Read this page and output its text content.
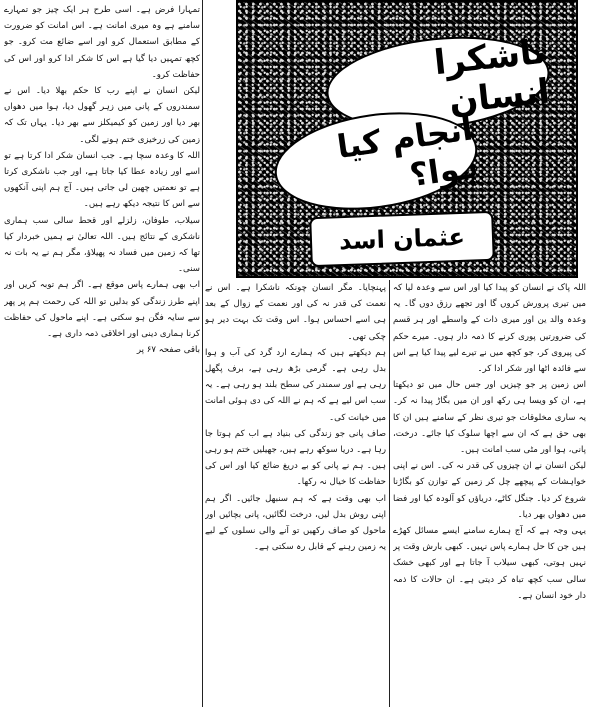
ناشکرا انسان
انجام کیا ہوا؟
عثمان اسد

اللہ پاک نے انسان کو پیدا کیا اور اس سے وعدہ لیا کہ میں تیری پرورش کروں گا اور تجھے رزق دوں گا۔ یہ وعدہ والد ین اور میری ذات کے واسطے اور ہر قسم کی ضرورتیں پوری کرنے کا ذمہ دار ہوں۔ میرے حکم کی پیروی کر، جو کچھ میں نے تیرے لیے پیدا کیا ہے اس سے فائدہ اٹھا اور شکر ادا کر۔

اس زمین پر جو چیزیں اور جس حال میں تو دیکھتا ہے، ان کو ویسا ہی رکھ اور ان میں بگاڑ پیدا نہ کر۔ یہ ساری مخلوقات جو تیری نظر کے سامنے ہیں ان کا بھی حق ہے کہ ان سے اچھا سلوک کیا جائے۔ درخت، پانی، ہوا اور مٹی سب امانت ہیں۔

لیکن انسان نے ان چیزوں کی قدر نہ کی۔ اس نے اپنی خواہشات کے پیچھے چل کر زمین کے توازن کو بگاڑنا شروع کر دیا۔ جنگل کاٹے، دریاؤں کو آلودہ کیا اور فضا میں دھواں بھر دیا۔

یہی وجہ ہے کہ آج ہمارے سامنے ایسے مسائل کھڑے ہیں جن کا حل ہمارے پاس نہیں۔ کبھی بارش وقت پر نہیں ہوتی، کبھی سیلاب آ جاتا ہے اور کبھی خشک سالی سب کچھ تباہ کر دیتی ہے۔ ان حالات کا ذمہ دار خود انسان ہے۔

پہنچایا۔ مگر انسان چونکہ ناشکرا ہے۔ اس نے نعمت کی قدر نہ کی اور نعمت کے زوال کے بعد ہی اسے احساس ہوا۔ اس وقت تک بہت دیر ہو چکی تھی۔

ہم دیکھتے ہیں کہ ہمارے ارد گرد کی آب و ہوا بدل رہی ہے۔ گرمی بڑھ رہی ہے، برف پگھل رہی ہے اور سمندر کی سطح بلند ہو رہی ہے۔ یہ سب اس لیے ہے کہ ہم نے اللہ کی دی ہوئی امانت میں خیانت کی۔

صاف پانی جو زندگی کی بنیاد ہے اب کم ہوتا جا رہا ہے۔ دریا سوکھ رہے ہیں، جھیلیں ختم ہو رہی ہیں۔ ہم نے پانی کو بے دریغ ضائع کیا اور اس کی حفاظت کا خیال نہ رکھا۔

اب بھی وقت ہے کہ ہم سنبھل جائیں۔ اگر ہم اپنی روش بدل لیں، درخت لگائیں، پانی بچائیں اور ماحول کو صاف رکھیں تو آنے والی نسلوں کے لیے یہ زمین رہنے کے قابل رہ سکتی ہے۔

تمہارا فرض ہے۔ اسی طرح ہر ایک چیز جو تمہارے سامنے ہے وہ میری امانت ہے۔ اس امانت کو ضرورت کے مطابق استعمال کرو اور اسے ضائع مت کرو۔ جو کچھ تمہیں دیا گیا ہے اس کا شکر ادا کرو اور اس کی حفاظت کرو۔

لیکن انسان نے اپنے رب کا حکم بھلا دیا۔ اس نے سمندروں کے پانی میں زہر گھول دیا، ہوا میں دھواں بھر دیا اور زمین کو کیمیکلز سے بھر دیا۔ یہاں تک کہ زمین کی زرخیزی ختم ہونے لگی۔

اللہ کا وعدہ سچا ہے۔ جب انسان شکر ادا کرتا ہے تو اسے اور زیادہ عطا کیا جاتا ہے، اور جب ناشکری کرتا ہے تو نعمتیں چھین لی جاتی ہیں۔ آج ہم اپنی آنکھوں سے اس کا نتیجہ دیکھ رہے ہیں۔

سیلاب، طوفان، زلزلے اور قحط سالی سب ہماری ناشکری کے نتائج ہیں۔ اللہ تعالیٰ نے ہمیں خبردار کیا تھا کہ زمین میں فساد نہ پھیلاؤ، مگر ہم نے یہ بات نہ سنی۔

اب بھی ہمارے پاس موقع ہے۔ اگر ہم توبہ کریں اور اپنے طرز زندگی کو بدلیں تو اللہ کی رحمت ہم پر پھر سے سایہ فگن ہو سکتی ہے۔ اپنے ماحول کی حفاظت کرنا ہماری دینی اور اخلاقی ذمہ داری ہے۔

باقی صفحہ ۶۷ پر
